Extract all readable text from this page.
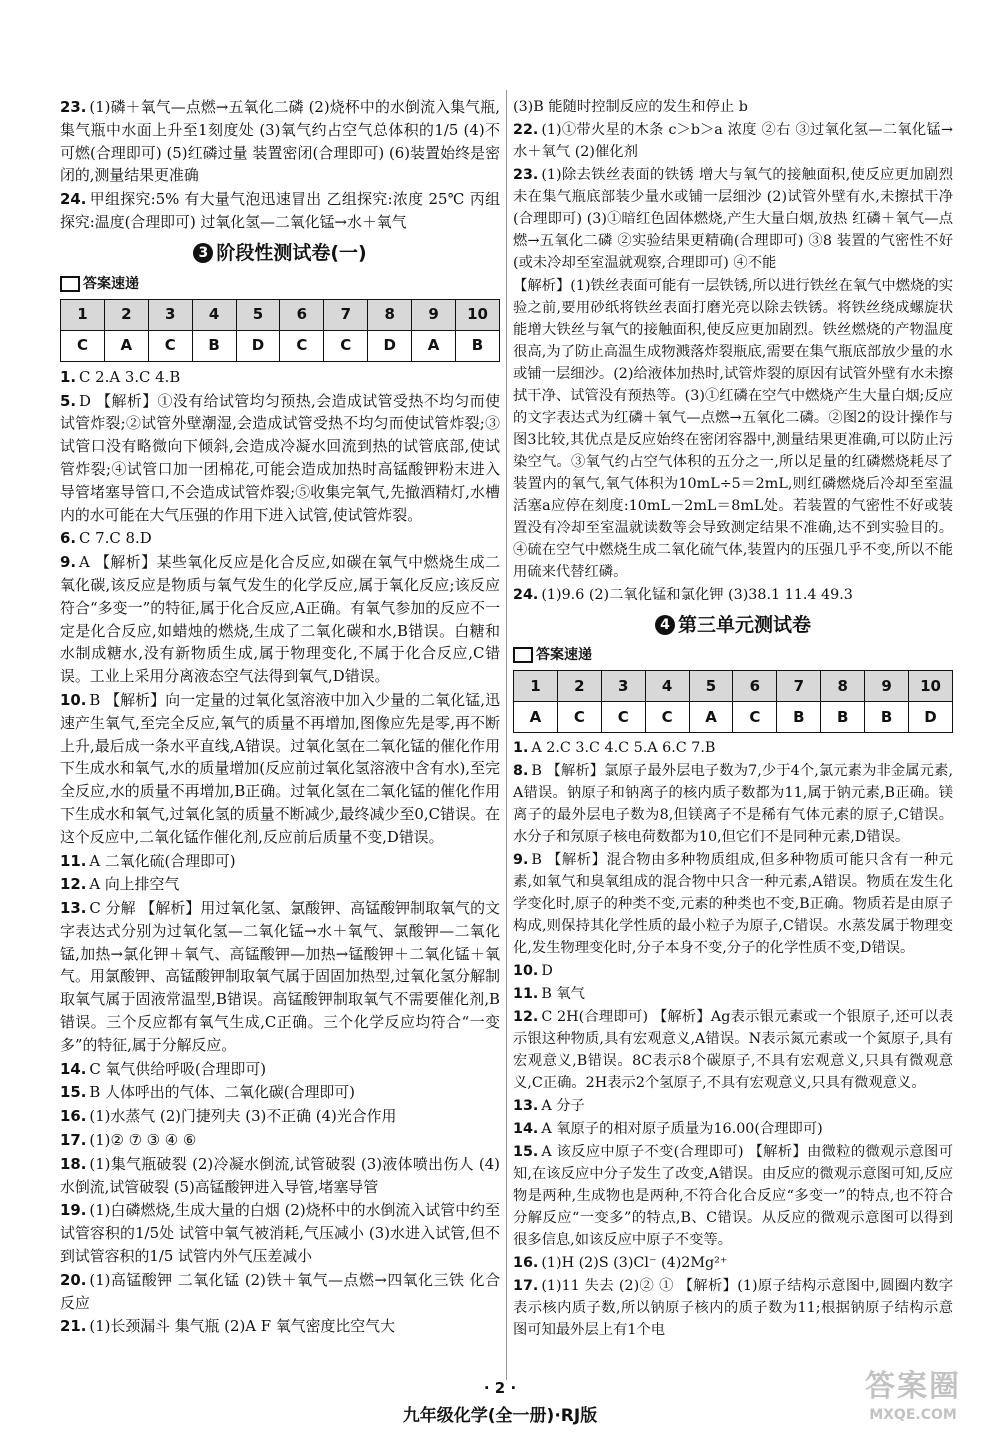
23. (1)磷＋氧气—点燃→五氧化二磷 (2)烧杯中的水倒流入集气瓶,集气瓶中水面上升至1刻度处 (3)氧气约占空气总体积的1/5 (4)不可燃(合理即可) (5)红磷过量 装置密闭(合理即可) (6)装置始终是密闭的,测量结果更准确

24. 甲组探究:5% 有大量气泡迅速冒出 乙组探究:浓度 25℃ 丙组探究:温度(合理即可) 过氧化氢—二氧化锰→水＋氧气

3 阶段性测试卷(一)
答案速递
1	2	3	4	5	6	7	8	9	10
C	A	C	B	D	C	C	D	A	B

1. C 2.A 3.C 4.B

5. D 【解析】①没有给试管均匀预热,会造成试管受热不均匀而使试管炸裂;②试管外壁潮湿,会造成试管受热不均匀而使试管炸裂;③试管口没有略微向下倾斜,会造成冷凝水回流到热的试管底部,使试管炸裂;④试管口加一团棉花,可能会造成加热时高锰酸钾粉末进入导管堵塞导管口,不会造成试管炸裂;⑤收集完氧气,先撤酒精灯,水槽内的水可能在大气压强的作用下进入试管,使试管炸裂。

6. C 7.C 8.D

9. A 【解析】某些氧化反应是化合反应,如碳在氧气中燃烧生成二氧化碳,该反应是物质与氧气发生的化学反应,属于氧化反应;该反应符合“多变一”的特征,属于化合反应,A正确。有氧气参加的反应不一定是化合反应,如蜡烛的燃烧,生成了二氧化碳和水,B错误。白糖和水制成糖水,没有新物质生成,属于物理变化,不属于化合反应,C错误。工业上采用分离液态空气法得到氧气,D错误。

10. B 【解析】向一定量的过氧化氢溶液中加入少量的二氧化锰,迅速产生氧气,至完全反应,氧气的质量不再增加,图像应先是零,再不断上升,最后成一条水平直线,A错误。过氧化氢在二氧化锰的催化作用下生成水和氧气,水的质量增加(反应前过氧化氢溶液中含有水),至完全反应,水的质量不再增加,B正确。过氧化氢在二氧化锰的催化作用下生成水和氧气,过氧化氢的质量不断减少,最终减少至0,C错误。在这个反应中,二氧化锰作催化剂,反应前后质量不变,D错误。

11. A 二氧化硫(合理即可)

12. A 向上排空气

13. C 分解 【解析】用过氧化氢、氯酸钾、高锰酸钾制取氧气的文字表达式分别为过氧化氢—二氧化锰→水＋氧气、氯酸钾—二氧化锰,加热→氯化钾＋氧气、高锰酸钾—加热→锰酸钾＋二氧化锰＋氧气。用氯酸钾、高锰酸钾制取氧气属于固固加热型,过氧化氢分解制取氧气属于固液常温型,B错误。高锰酸钾制取氧气不需要催化剂,B错误。三个反应都有氧气生成,C正确。三个化学反应均符合“一变多”的特征,属于分解反应。

14. C 氧气供给呼吸(合理即可)

15. B 人体呼出的气体、二氧化碳(合理即可)

16. (1)水蒸气 (2)门捷列夫 (3)不正确 (4)光合作用

17. (1)② ⑦ ③ ④ ⑥

18. (1)集气瓶破裂 (2)冷凝水倒流,试管破裂 (3)液体喷出伤人 (4)水倒流,试管破裂 (5)高锰酸钾进入导管,堵塞导管

19. (1)白磷燃烧,生成大量的白烟 (2)烧杯中的水倒流入试管中约至试管容积的1/5处 试管中氧气被消耗,气压减小 (3)水进入试管,但不到试管容积的1/5 试管内外气压差减小

20. (1)高锰酸钾 二氧化锰 (2)铁＋氧气—点燃→四氧化三铁 化合反应

21. (1)长颈漏斗 集气瓶 (2)A F 氧气密度比空气大

(3)B 能随时控制反应的发生和停止 b

22. (1)①带火星的木条 c＞b＞a 浓度 ②右 ③过氧化氢—二氧化锰→水＋氧气 (2)催化剂

23. (1)除去铁丝表面的铁锈 增大与氧气的接触面积,使反应更加剧烈 未在集气瓶底部装少量水或铺一层细沙 (2)试管外壁有水,未擦拭干净(合理即可) (3)①暗红色固体燃烧,产生大量白烟,放热 红磷＋氧气—点燃→五氧化二磷 ②实验结果更精确(合理即可) ③8 装置的气密性不好(或未冷却至室温就观察,合理即可) ④不能

【解析】(1)铁丝表面可能有一层铁锈,所以进行铁丝在氧气中燃烧的实验之前,要用砂纸将铁丝表面打磨光亮以除去铁锈。将铁丝绕成螺旋状能增大铁丝与氧气的接触面积,使反应更加剧烈。铁丝燃烧的产物温度很高,为了防止高温生成物溅落炸裂瓶底,需要在集气瓶底部放少量的水或铺一层细沙。(2)给液体加热时,试管炸裂的原因有试管外壁有水未擦拭干净、试管没有预热等。(3)①红磷在空气中燃烧产生大量白烟;反应的文字表达式为红磷＋氧气—点燃→五氧化二磷。②图2的设计操作与图3比较,其优点是反应始终在密闭容器中,测量结果更准确,可以防止污染空气。③氧气约占空气体积的五分之一,所以足量的红磷燃烧耗尽了装置内的氧气,氧气体积为10mL÷5＝2mL,则红磷燃烧后冷却至室温活塞a应停在刻度:10mL－2mL＝8mL处。若装置的气密性不好或装置没有冷却至室温就读数等会导致测定结果不准确,达不到实验目的。④硫在空气中燃烧生成二氧化硫气体,装置内的压强几乎不变,所以不能用硫来代替红磷。

24. (1)9.6 (2)二氧化锰和氯化钾 (3)38.1 11.4 49.3

4 第三单元测试卷
答案速递
1	2	3	4	5	6	7	8	9	10
A	C	C	C	A	C	B	B	B	D

1. A 2.C 3.C 4.C 5.A 6.C 7.B

8. B 【解析】氯原子最外层电子数为7,少于4个,氯元素为非金属元素,A错误。钠原子和钠离子的核内质子数都为11,属于钠元素,B正确。镁离子的最外层电子数为8,但镁离子不是稀有气体元素的原子,C错误。水分子和氖原子核电荷数都为10,但它们不是同种元素,D错误。

9. B 【解析】混合物由多种物质组成,但多种物质可能只含有一种元素,如氧气和臭氧组成的混合物中只含一种元素,A错误。物质在发生化学变化时,原子的种类不变,元素的种类也不变,B正确。物质若是由原子构成,则保持其化学性质的最小粒子为原子,C错误。水蒸发属于物理变化,发生物理变化时,分子本身不变,分子的化学性质不变,D错误。

10. D

11. B 氧气

12. C 2H(合理即可) 【解析】Ag表示银元素或一个银原子,还可以表示银这种物质,具有宏观意义,A错误。N表示氮元素或一个氮原子,具有宏观意义,B错误。8C表示8个碳原子,不具有宏观意义,只具有微观意义,C正确。2H表示2个氢原子,不具有宏观意义,只具有微观意义。

13. A 分子

14. A 氧原子的相对原子质量为16.00(合理即可)

15. A 该反应中原子不变(合理即可) 【解析】由微粒的微观示意图可知,在该反应中分子发生了改变,A错误。由反应的微观示意图可知,反应物是两种,生成物也是两种,不符合化合反应“多变一”的特点,也不符合分解反应“一变多”的特点,B、C错误。从反应的微观示意图可以得到很多信息,如该反应中原子不变等。

16. (1)H (2)S (3)Cl⁻ (4)2Mg²⁺

17. (1)11 失去 (2)② ① 【解析】(1)原子结构示意图中,圆圈内数字表示核内质子数,所以钠原子核内的质子数为11;根据钠原子结构示意图可知最外层上有1个电

· 2 ·
九年级化学(全一册)·RJ版
答案圈
MXQE.COM
